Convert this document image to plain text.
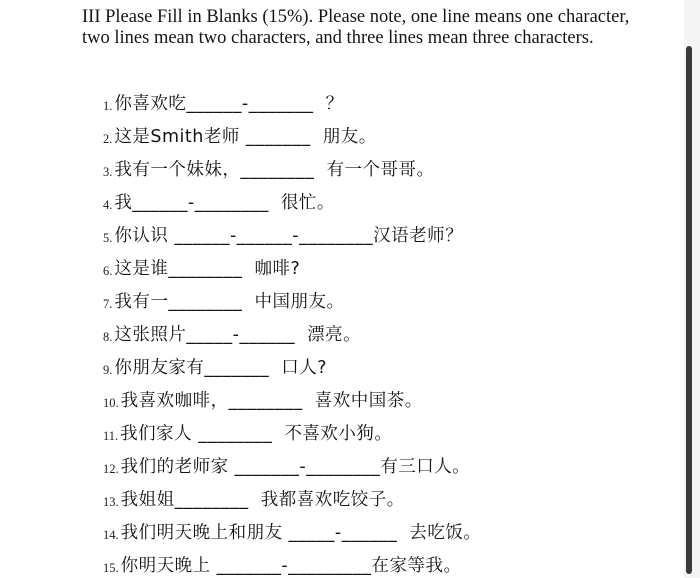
III Please Fill in Blanks (15%). Please note, one line means one character, two lines mean two characters, and three lines mean three characters.
1. 你喜欢吃______-_______  ？
2. 这是Smith老师 _______  朋友。
3. 我有一个妹妹，________  有一个哥哥。
4. 我______-________  很忙。
5. 你认识 ______-______-________汉语老师？
6. 这是谁________  咖啡?
7. 我有一________  中国朋友。
8. 这张照片_____-______  漂亮。
9. 你朋友家有_______  口人?
10. 我喜欢咖啡，________  喜欢中国茶。
11. 我们家人 ________  不喜欢小狗。
12. 我们的老师家 _______-________有三口人。
13. 我姐姐________  我都喜欢吃饺子。
14. 我们明天晚上和朋友 _____-______  去吃饭。
15. 你明天晚上 _______-_________在家等我。
